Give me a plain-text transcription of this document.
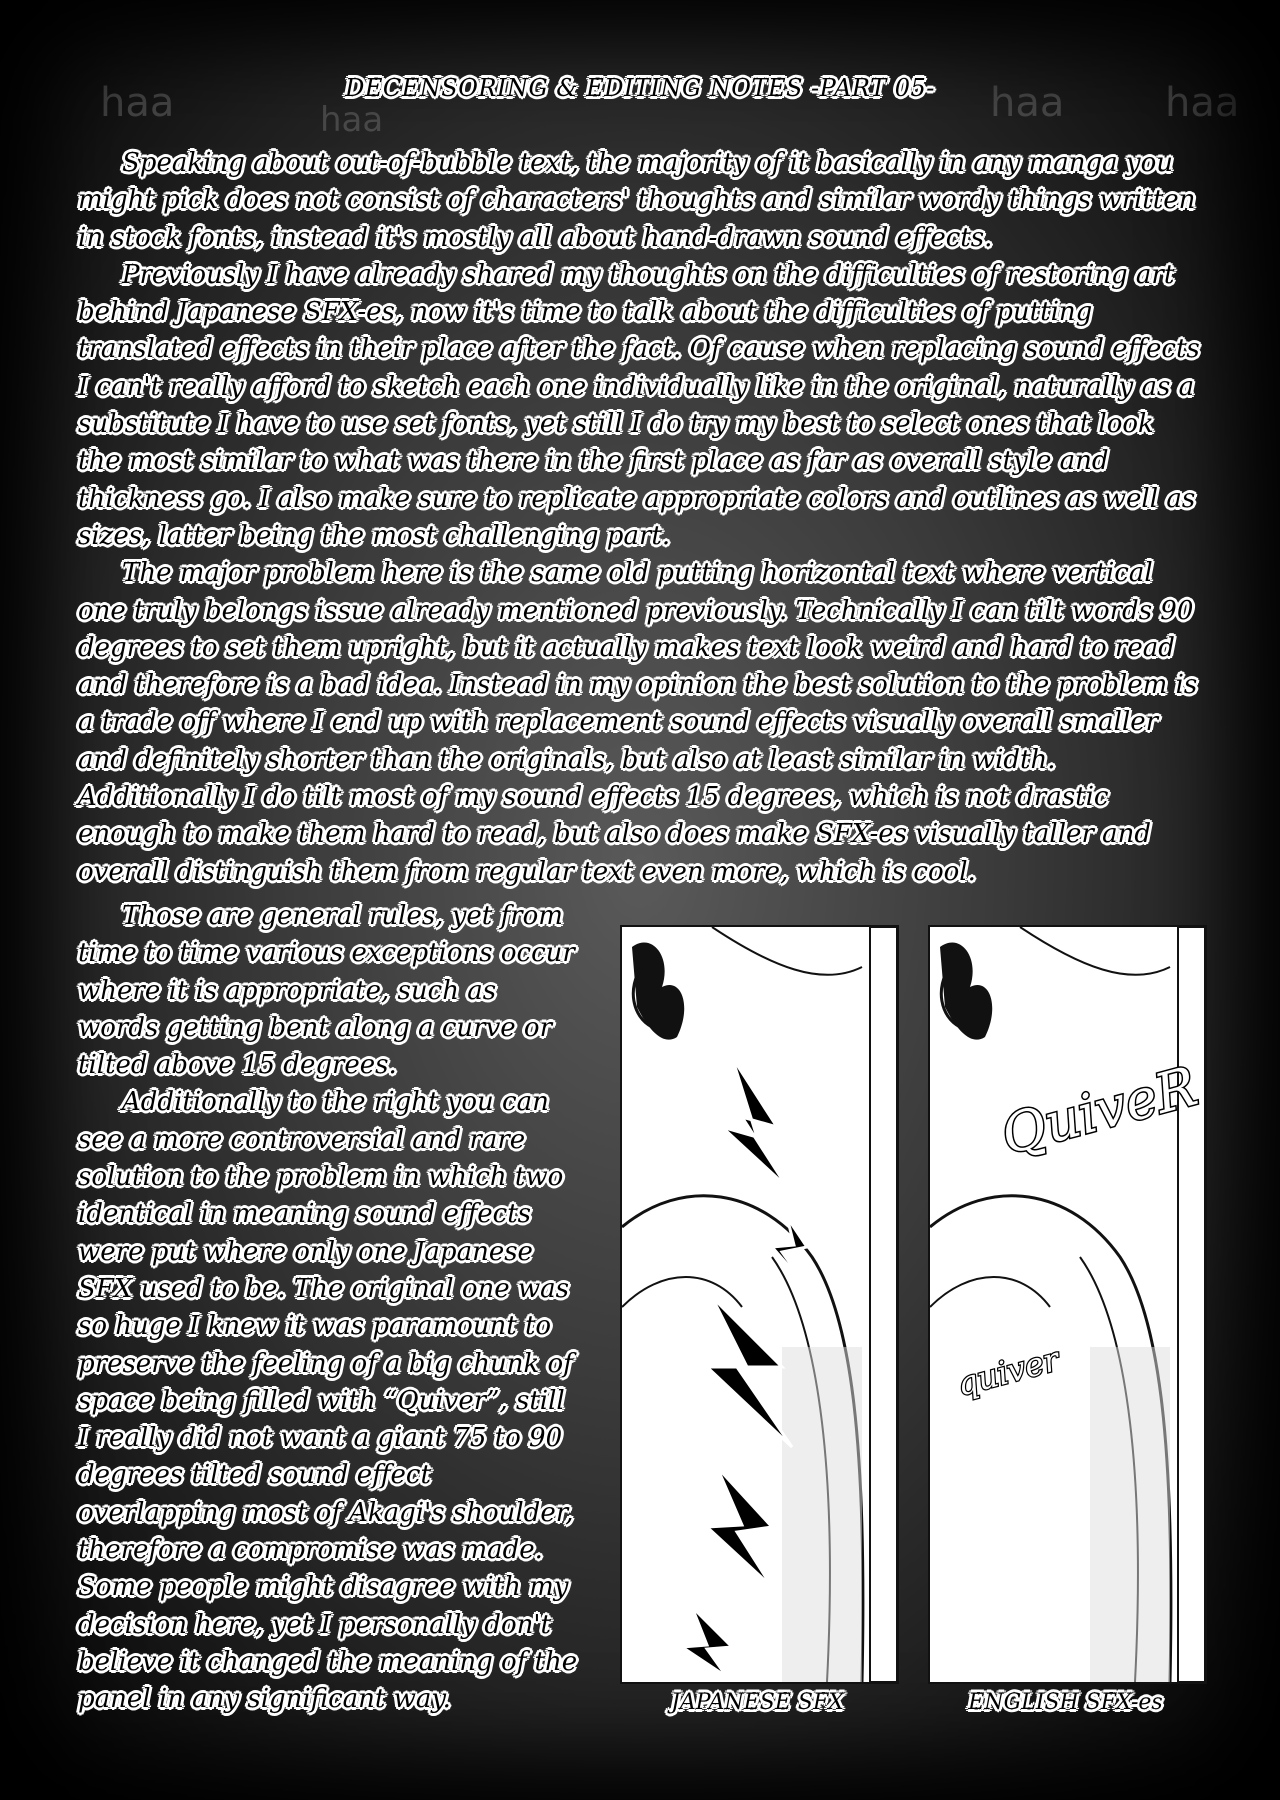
haa	haa	haa
haa
DECENSORING & EDITING NOTES -PART 05-

Speaking about out-of-bubble text, the majority of it basically in any manga you might pick does not consist of characters' thoughts and similar wordy things written in stock fonts, instead it's mostly all about hand-drawn sound effects.

Previously I have already shared my thoughts on the difficulties of restoring art behind Japanese SFX-es, now it's time to talk about the difficulties of putting translated effects in their place after the fact. Of cause when replacing sound effects I can't really afford to sketch each one individually like in the original, naturally as a substitute I have to use set fonts, yet still I do try my best to select ones that look the most similar to what was there in the first place as far as overall style and thickness go. I also make sure to replicate appropriate colors and outlines as well as sizes, latter being the most challenging part.

The major problem here is the same old putting horizontal text where vertical one truly belongs issue already mentioned previously. Technically I can tilt words 90 degrees to set them upright, but it actually makes text look weird and hard to read and therefore is a bad idea. Instead in my opinion the best solution to the problem is a trade off where I end up with replacement sound effects visually overall smaller and definitely shorter than the originals, but also at least similar in width. Additionally I do tilt most of my sound effects 15 degrees, which is not drastic enough to make them hard to read, but also does make SFX-es visually taller and overall distinguish them from regular text even more, which is cool.

Those are general rules, yet from time to time various exceptions occur where it is appropriate, such as words getting bent along a curve or tilted above 15 degrees.

Additionally to the right you can see a more controversial and rare solution to the problem in which two identical in meaning sound effects were put where only one Japanese SFX used to be. The original one was so huge I knew it was paramount to preserve the feeling of a big chunk of space being filled with “Quiver”, still I really did not want a giant 75 to 90 degrees tilted sound effect overlapping most of Akagi's shoulder, therefore a compromise was made. Some people might disagree with my decision here, yet I personally don't believe it changed the meaning of the panel in any significant way.

QuiveR
quiver
JAPANESE SFX	ENGLISH SFX-es
